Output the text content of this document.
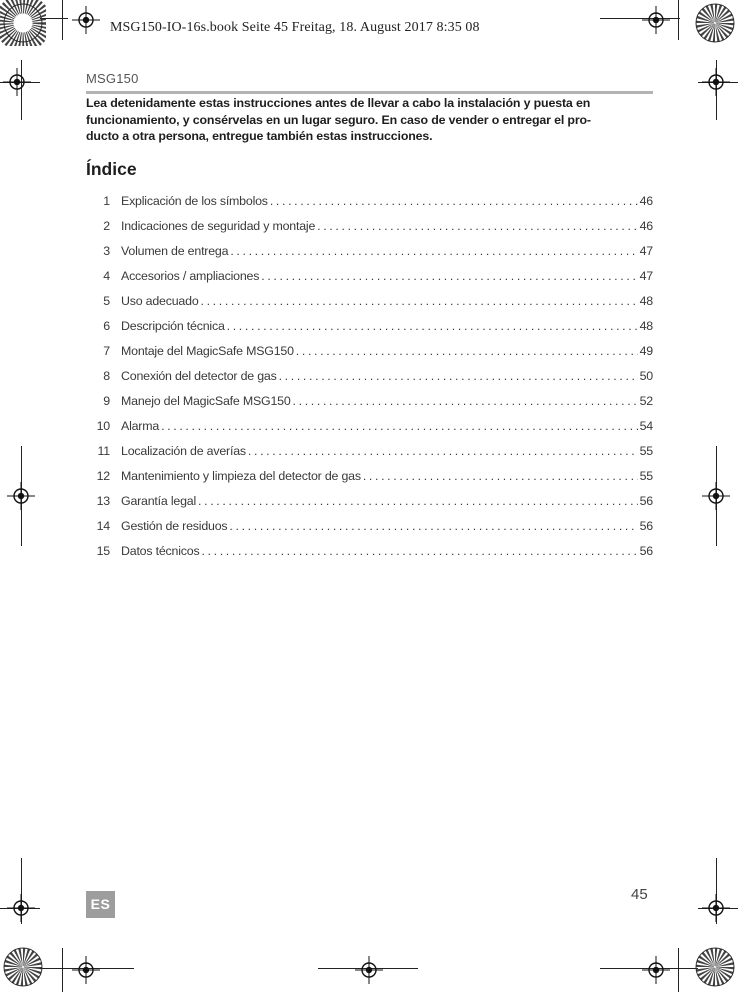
MSG150-IO-16s.book Seite 45 Freitag, 18. August 2017 8:35 08
MSG150
Lea detenidamente estas instrucciones antes de llevar a cabo la instalación y puesta en
funcionamiento, y consérvelas en un lugar seguro. En caso de vender o entregar el pro-
ducto a otra persona, entregue también estas instrucciones.
Índice
1 Explicación de los símbolos . . .	46
2 Indicaciones de seguridad y montaje . . .	46
3 Volumen de entrega . . .	47
4 Accesorios / ampliaciones . . .	47
5 Uso adecuado . . .	48
6 Descripción técnica . . .	48
7 Montaje del MagicSafe MSG150 . . .	49
8 Conexión del detector de gas . . .	50
9 Manejo del MagicSafe MSG150 . . .	52
10 Alarma . . .	54
11 Localización de averías . . .	55
12 Mantenimiento y limpieza del detector de gas . . .	55
13 Garantía legal . . .	56
14 Gestión de residuos . . .	56
15 Datos técnicos . . .	56
45
ES
